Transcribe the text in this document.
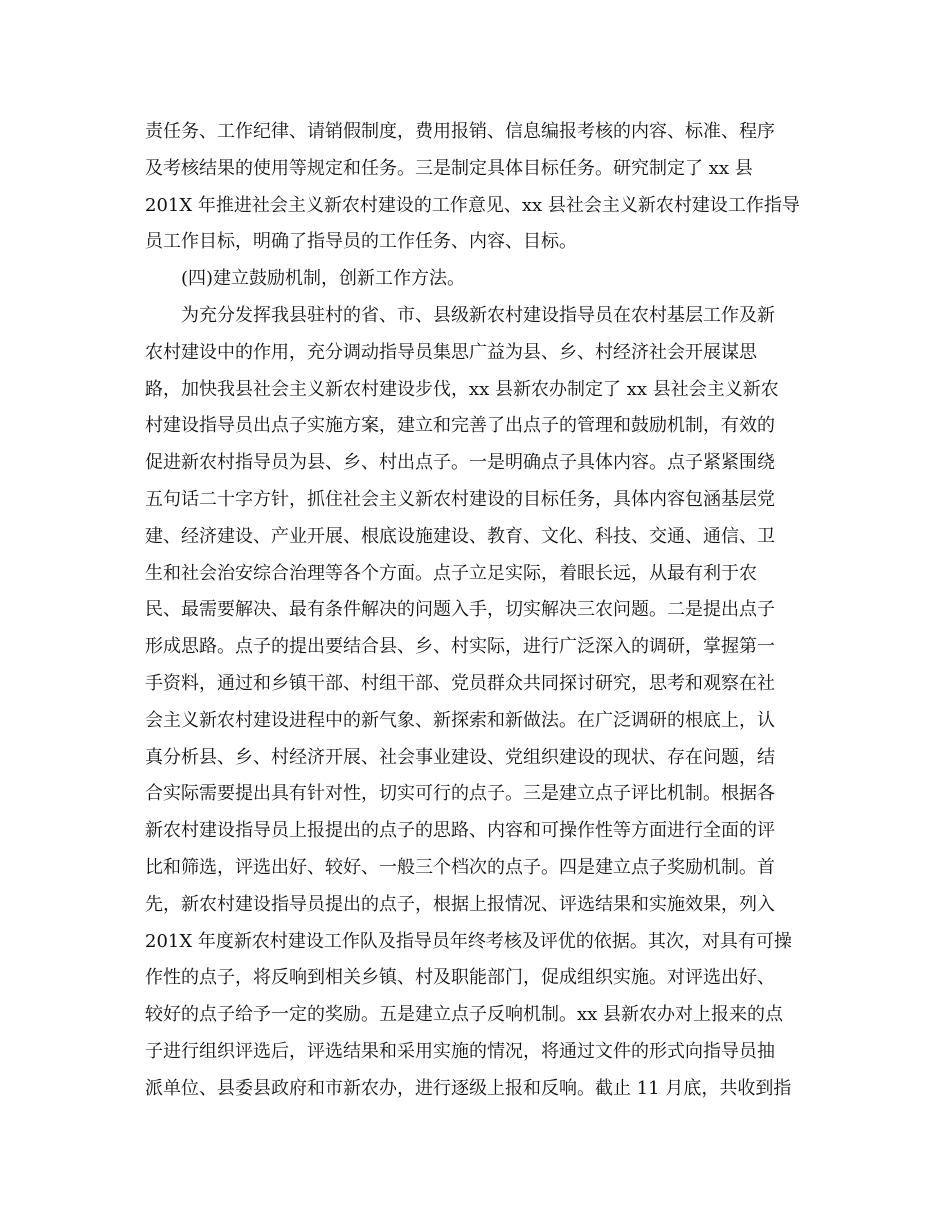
责任务、工作纪律、请销假制度，费用报销、信息编报考核的内容、标准、程序
及考核结果的使用等规定和任务。三是制定具体目标任务。研究制定了 xx 县
201X 年推进社会主义新农村建设的工作意见、xx 县社会主义新农村建设工作指导
员工作目标，明确了指导员的工作任务、内容、目标。
(四)建立鼓励机制，创新工作方法。
为充分发挥我县驻村的省、市、县级新农村建设指导员在农村基层工作及新
农村建设中的作用，充分调动指导员集思广益为县、乡、村经济社会开展谋思
路，加快我县社会主义新农村建设步伐，xx 县新农办制定了 xx 县社会主义新农
村建设指导员出点子实施方案，建立和完善了出点子的管理和鼓励机制，有效的
促进新农村指导员为县、乡、村出点子。一是明确点子具体内容。点子紧紧围绕
五句话二十字方针，抓住社会主义新农村建设的目标任务，具体内容包涵基层党
建、经济建设、产业开展、根底设施建设、教育、文化、科技、交通、通信、卫
生和社会治安综合治理等各个方面。点子立足实际，着眼长远，从最有利于农
民、最需要解决、最有条件解决的问题入手，切实解决三农问题。二是提出点子
形成思路。点子的提出要结合县、乡、村实际，进行广泛深入的调研，掌握第一
手资料，通过和乡镇干部、村组干部、党员群众共同探讨研究，思考和观察在社
会主义新农村建设进程中的新气象、新探索和新做法。在广泛调研的根底上，认
真分析县、乡、村经济开展、社会事业建设、党组织建设的现状、存在问题，结
合实际需要提出具有针对性，切实可行的点子。三是建立点子评比机制。根据各
新农村建设指导员上报提出的点子的思路、内容和可操作性等方面进行全面的评
比和筛选，评选出好、较好、一般三个档次的点子。四是建立点子奖励机制。首
先，新农村建设指导员提出的点子，根据上报情况、评选结果和实施效果，列入
201X 年度新农村建设工作队及指导员年终考核及评优的依据。其次，对具有可操
作性的点子，将反响到相关乡镇、村及职能部门，促成组织实施。对评选出好、
较好的点子给予一定的奖励。五是建立点子反响机制。xx 县新农办对上报来的点
子进行组织评选后，评选结果和采用实施的情况，将通过文件的形式向指导员抽
派单位、县委县政府和市新农办，进行逐级上报和反响。截止 11 月底，共收到指
